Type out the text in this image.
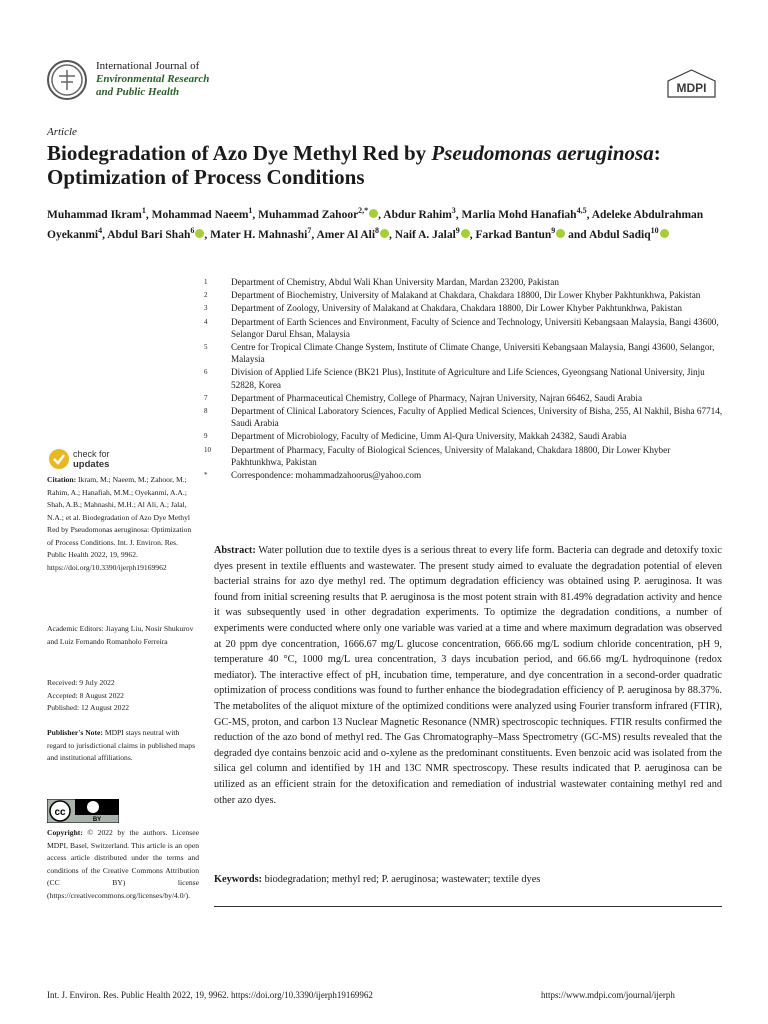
International Journal of
Environmental Research
and Public Health	MDPI
Article
Biodegradation of Azo Dye Methyl Red by Pseudomonas aeruginosa: Optimization of Process Conditions
Muhammad Ikram$^1$, Mohammad Naeem$^1$, Muhammad Zahoor$^{2,*}$ , Abdur Rahim$^3$, Marlia Mohd Hanafiah$^{4,5}$, Adeleke Abdulrahman Oyekanmi$^4$, Abdul Bari Shah$^6$ , Mater H. Mahnashi$^7$, Amer Al Ali$^8$ , Naif A. Jalal$^9$ , Farkad Bantun$^9$ and Abdul Sadiq$^{10}$
1	Department of Chemistry, Abdul Wali Khan University Mardan, Mardan 23200, Pakistan
2	Department of Biochemistry, University of Malakand at Chakdara, Chakdara 18800, Dir Lower Khyber Pakhtunkhwa, Pakistan
3	Department of Zoology, University of Malakand at Chakdara, Chakdara 18800, Dir Lower Khyber Pakhtunkhwa, Pakistan
4	Department of Earth Sciences and Environment, Faculty of Science and Technology, Universiti Kebangsaan Malaysia, Bangi 43600, Selangor Darul Ehsan, Malaysia
5	Centre for Tropical Climate Change System, Institute of Climate Change, Universiti Kebangsaan Malaysia, Bangi 43600, Selangor, Malaysia
6	Division of Applied Life Science (BK21 Plus), Institute of Agriculture and Life Sciences, Gyeongsang National University, Jinju 52828, Korea
7	Department of Pharmaceutical Chemistry, College of Pharmacy, Najran University, Najran 66462, Saudi Arabia
8	Department of Clinical Laboratory Sciences, Faculty of Applied Medical Sciences, University of Bisha, 255, Al Nakhil, Bisha 67714, Saudi Arabia
9	Department of Microbiology, Faculty of Medicine, Umm Al-Qura University, Makkah 24382, Saudi Arabia
10	Department of Pharmacy, Faculty of Biological Sciences, University of Malakand, Chakdara 18800, Dir Lower Khyber Pakhtunkhwa, Pakistan
*	Correspondence: mohammadzahoorus@yahoo.com
check for
updates
Citation: Ikram, M.; Naeem, M.; Zahoor, M.; Rahim, A.; Hanafiah, M.M.; Oyekanmi, A.A.; Shah, A.B.; Mahnashi, M.H.; Al Ali, A.; Jalal, N.A.; et al. Biodegradation of Azo Dye Methyl Red by Pseudomonas aeruginosa: Optimization of Process Conditions. Int. J. Environ. Res. Public Health 2022, 19, 9962. https://doi.org/10.3390/ijerph19169962
Academic Editors: Jiayang Liu, Nosir Shukurov and Luiz Fernando Romanholo Ferreira
Received: 9 July 2022
Accepted: 8 August 2022
Published: 12 August 2022
Publisher's Note: MDPI stays neutral with regard to jurisdictional claims in published maps and institutional affiliations.
cc
BY
Copyright: © 2022 by the authors. Licensee MDPI, Basel, Switzerland. This article is an open access article distributed under the terms and conditions of the Creative Commons Attribution (CC BY) license (https://creativecommons.org/licenses/by/4.0/).
Abstract: Water pollution due to textile dyes is a serious threat to every life form. Bacteria can degrade and detoxify toxic dyes present in textile effluents and wastewater. The present study aimed to evaluate the degradation potential of eleven bacterial strains for azo dye methyl red. The optimum degradation efficiency was obtained using P. aeruginosa. It was found from initial screening results that P. aeruginosa is the most potent strain with 81.49% degradation activity and hence it was subsequently used in other degradation experiments. To optimize the degradation conditions, a number of experiments were conducted where only one variable was varied at a time and where maximum degradation was observed at 20 ppm dye concentration, 1666.67 mg/L glucose concentration, 666.66 mg/L sodium chloride concentration, pH 9, temperature 40 °C, 1000 mg/L urea concentration, 3 days incubation period, and 66.66 mg/L hydroquinone (redox mediator). The interactive effect of pH, incubation time, temperature, and dye concentration in a second-order quadratic optimization of process conditions was found to further enhance the biodegradation efficiency of P. aeruginosa by 88.37%. The metabolites of the aliquot mixture of the optimized conditions were analyzed using Fourier transform infrared (FTIR), GC-MS, proton, and carbon 13 Nuclear Magnetic Resonance (NMR) spectroscopic techniques. FTIR results confirmed the reduction of the azo bond of methyl red. The Gas Chromatography–Mass Spectrometry (GC-MS) results revealed that the degraded dye contains benzoic acid and o-xylene as the predominant constituents. Even benzoic acid was isolated from the silica gel column and identified by 1H and 13C NMR spectroscopy. These results indicated that P. aeruginosa can be utilized as an efficient strain for the detoxification and remediation of industrial wastewater containing methyl red and other azo dyes.
Keywords: biodegradation; methyl red; P. aeruginosa; wastewater; textile dyes
Int. J. Environ. Res. Public Health 2022, 19, 9962. https://doi.org/10.3390/ijerph19169962	https://www.mdpi.com/journal/ijerph
